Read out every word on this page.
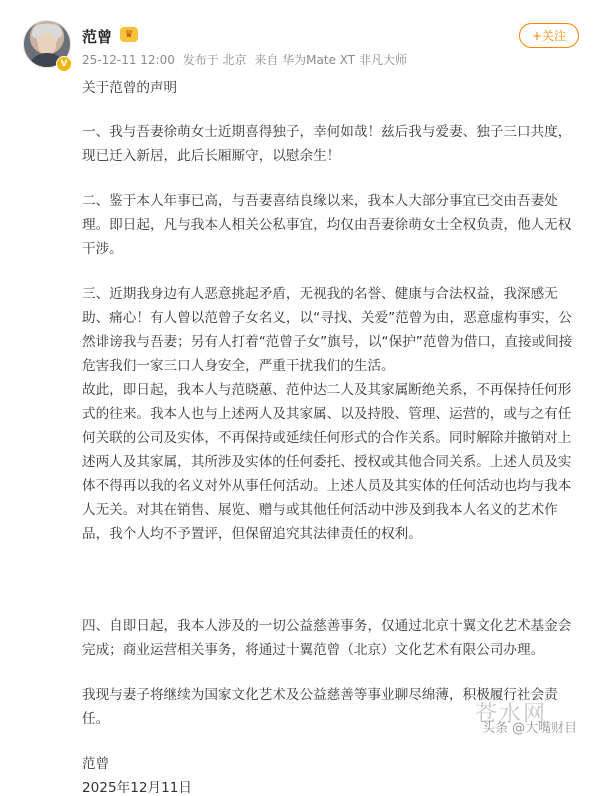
V
范曾	♛
25-12-11 12:00 发布于 北京 来自 华为Mate XT 非凡大师
+关注

关于范曾的声明

一、我与吾妻徐萌女士近期喜得独子，幸何如哉！兹后我与爱妻、独子三口共度，
现已迁入新居，此后长厢厮守，以慰余生！

二、鉴于本人年事已高，与吾妻喜结良缘以来，我本人大部分事宜已交由吾妻处
理。即日起，凡与我本人相关公私事宜，均仅由吾妻徐萌女士全权负责，他人无权
干涉。

三、近期我身边有人恶意挑起矛盾，无视我的名誉、健康与合法权益，我深感无
助、痛心！有人曾以范曾子女名义，以“寻找、关爱”范曾为由，恶意虚构事实，公
然诽谤我与吾妻；另有人打着“范曾子女”旗号，以“保护”范曾为借口，直接或间接
危害我们一家三口人身安全，严重干扰我们的生活。
故此，即日起，我本人与范晓蕙、范仲达二人及其家属断绝关系，不再保持任何形
式的往来。我本人也与上述两人及其家属、以及持股、管理、运营的，或与之有任
何关联的公司及实体，不再保持或延续任何形式的合作关系。同时解除并撤销对上
述两人及其家属，其所涉及实体的任何委托、授权或其他合同关系。上述人员及实
体不得再以我的名义对外从事任何活动。上述人员及其实体的任何活动也均与我本
人无关。对其在销售、展览、赠与或其他任何活动中涉及到我本人名义的艺术作
品，我个人均不予置评，但保留追究其法律责任的权利。

四、自即日起，我本人涉及的一切公益慈善事务，仅通过北京十翼文化艺术基金会
完成；商业运营相关事务，将通过十翼范曾（北京）文化艺术有限公司办理。

我现与妻子将继续为国家文化艺术及公益慈善等事业聊尽绵薄，积极履行社会责
任。

范曾
2025年12月11日
苍水网
头条 @大嘴财目
